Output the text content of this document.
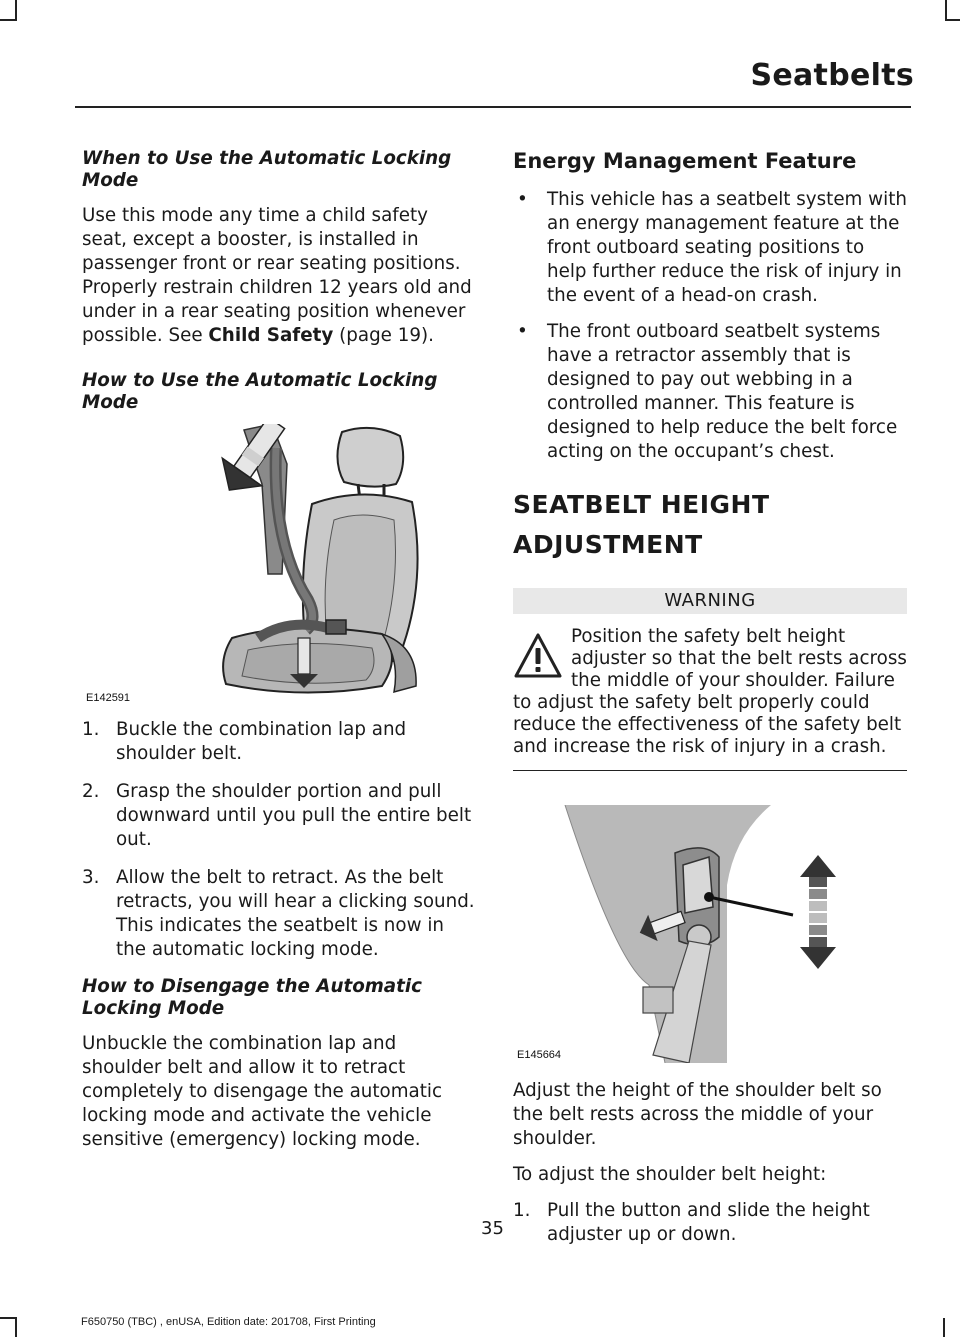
Seatbelts
When to Use the Automatic Locking Mode

Use this mode any time a child safety seat, except a booster, is installed in passenger front or rear seating positions. Properly restrain children 12 years old and under in a rear seating position whenever possible. See Child Safety (page 19).

How to Use the Automatic Locking Mode
E142591
1. Buckle the combination lap and shoulder belt.
2. Grasp the shoulder portion and pull downward until you pull the entire belt out.
3. Allow the belt to retract. As the belt retracts, you will hear a clicking sound. This indicates the seatbelt is now in the automatic locking mode.
How to Disengage the Automatic Locking Mode

Unbuckle the combination lap and shoulder belt and allow it to retract completely to disengage the automatic locking mode and activate the vehicle sensitive (emergency) locking mode.

Energy Management Feature
• This vehicle has a seatbelt system with an energy management feature at the front outboard seating positions to help further reduce the risk of injury in the event of a head-on crash.
• The front outboard seatbelt systems have a retractor assembly that is designed to pay out webbing in a controlled manner. This feature is designed to help reduce the belt force acting on the occupant’s chest.
SEATBELT HEIGHT
ADJUSTMENT
WARNING
Position the safety belt height adjuster so that the belt rests across the middle of your shoulder. Failure to adjust the safety belt properly could reduce the effectiveness of the safety belt and increase the risk of injury in a crash.
E145664

Adjust the height of the shoulder belt so the belt rests across the middle of your shoulder.

To adjust the shoulder belt height:

1. Pull the button and slide the height adjuster up or down.
35
F650750 (TBC) , enUSA, Edition date: 201708, First Printing
